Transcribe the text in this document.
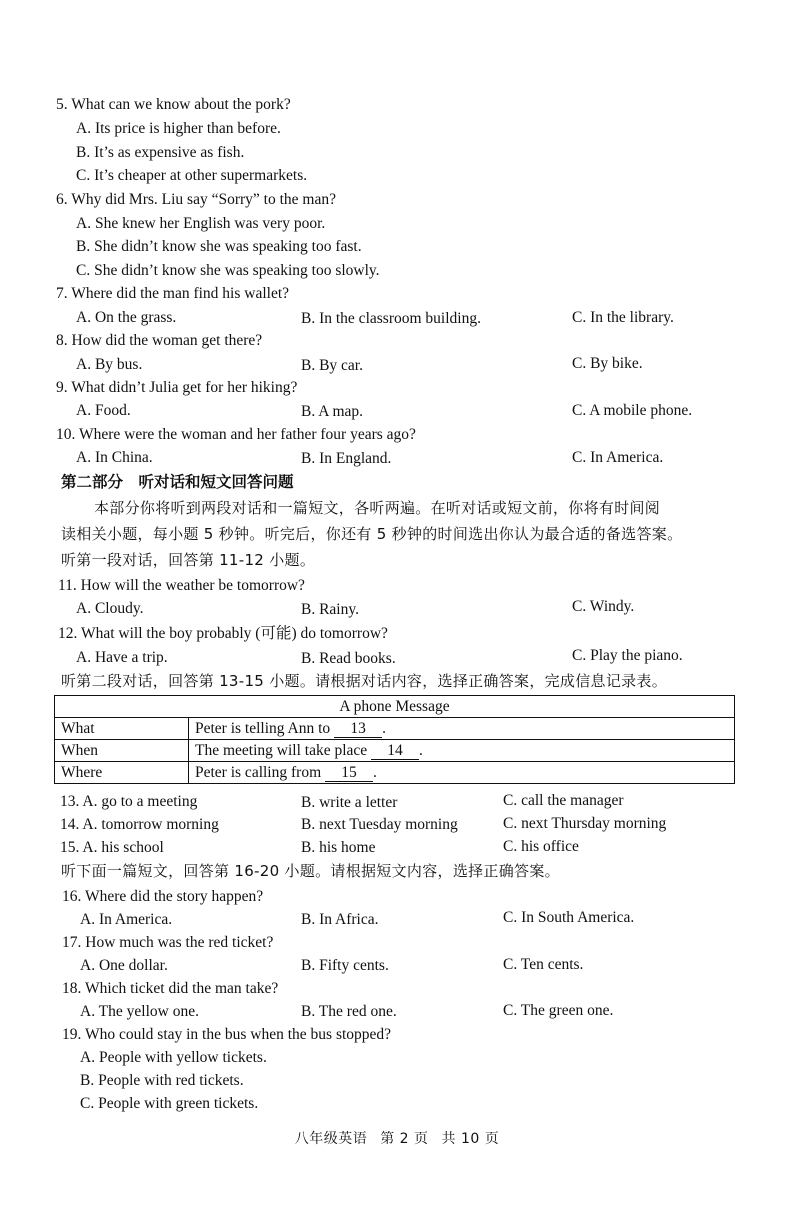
5. What can we know about the pork?
A. Its price is higher than before.
B. It’s as expensive as fish.
C. It’s cheaper at other supermarkets.
6. Why did Mrs. Liu say “Sorry” to the man?
A. She knew her English was very poor.
B. She didn’t know she was speaking too fast.
C. She didn’t know she was speaking too slowly.
7. Where did the man find his wallet?
A. On the grass.	B. In the classroom building.	C. In the library.
8. How did the woman get there?
A. By bus.	B. By car.	C. By bike.
9. What didn’t Julia get for her hiking?
A. Food.	B. A map.	C. A mobile phone.
10. Where were the woman and her father four years ago?
A. In China.	B. In England.	C. In America.
第二部分　听对话和短文回答问题
本部分你将听到两段对话和一篇短文，各听两遍。在听对话或短文前，你将有时间阅
读相关小题，每小题 5 秒钟。听完后，你还有 5 秒钟的时间选出你认为最合适的备选答案。
听第一段对话，回答第 11-12 小题。
11. How will the weather be tomorrow?
A. Cloudy.	B. Rainy.	C. Windy.
12. What will the boy probably (可能) do tomorrow?
A. Have a trip.	B. Read books.	C. Play the piano.
听第二段对话，回答第 13-15 小题。请根据对话内容，选择正确答案，完成信息记录表。
A phone Message	
What	Peter is telling Ann to 13 .
When	The meeting will take place 14 .
Where	Peter is calling from 15 .
13. A. go to a meeting	B. write a letter	C. call the manager
14. A. tomorrow morning	B. next Tuesday morning	C. next Thursday morning
15. A. his school	B. his home	C. his office
听下面一篇短文，回答第 16-20 小题。请根据短文内容，选择正确答案。
16. Where did the story happen?
A. In America.	B. In Africa.	C. In South America.
17. How much was the red ticket?
A. One dollar.	B. Fifty cents.	C. Ten cents.
18. Which ticket did the man take?
A. The yellow one.	B. The red one.	C. The green one.
19. Who could stay in the bus when the bus stopped?
A. People with yellow tickets.
B. People with red tickets.
C. People with green tickets.
八年级英语 第 2 页 共 10 页
